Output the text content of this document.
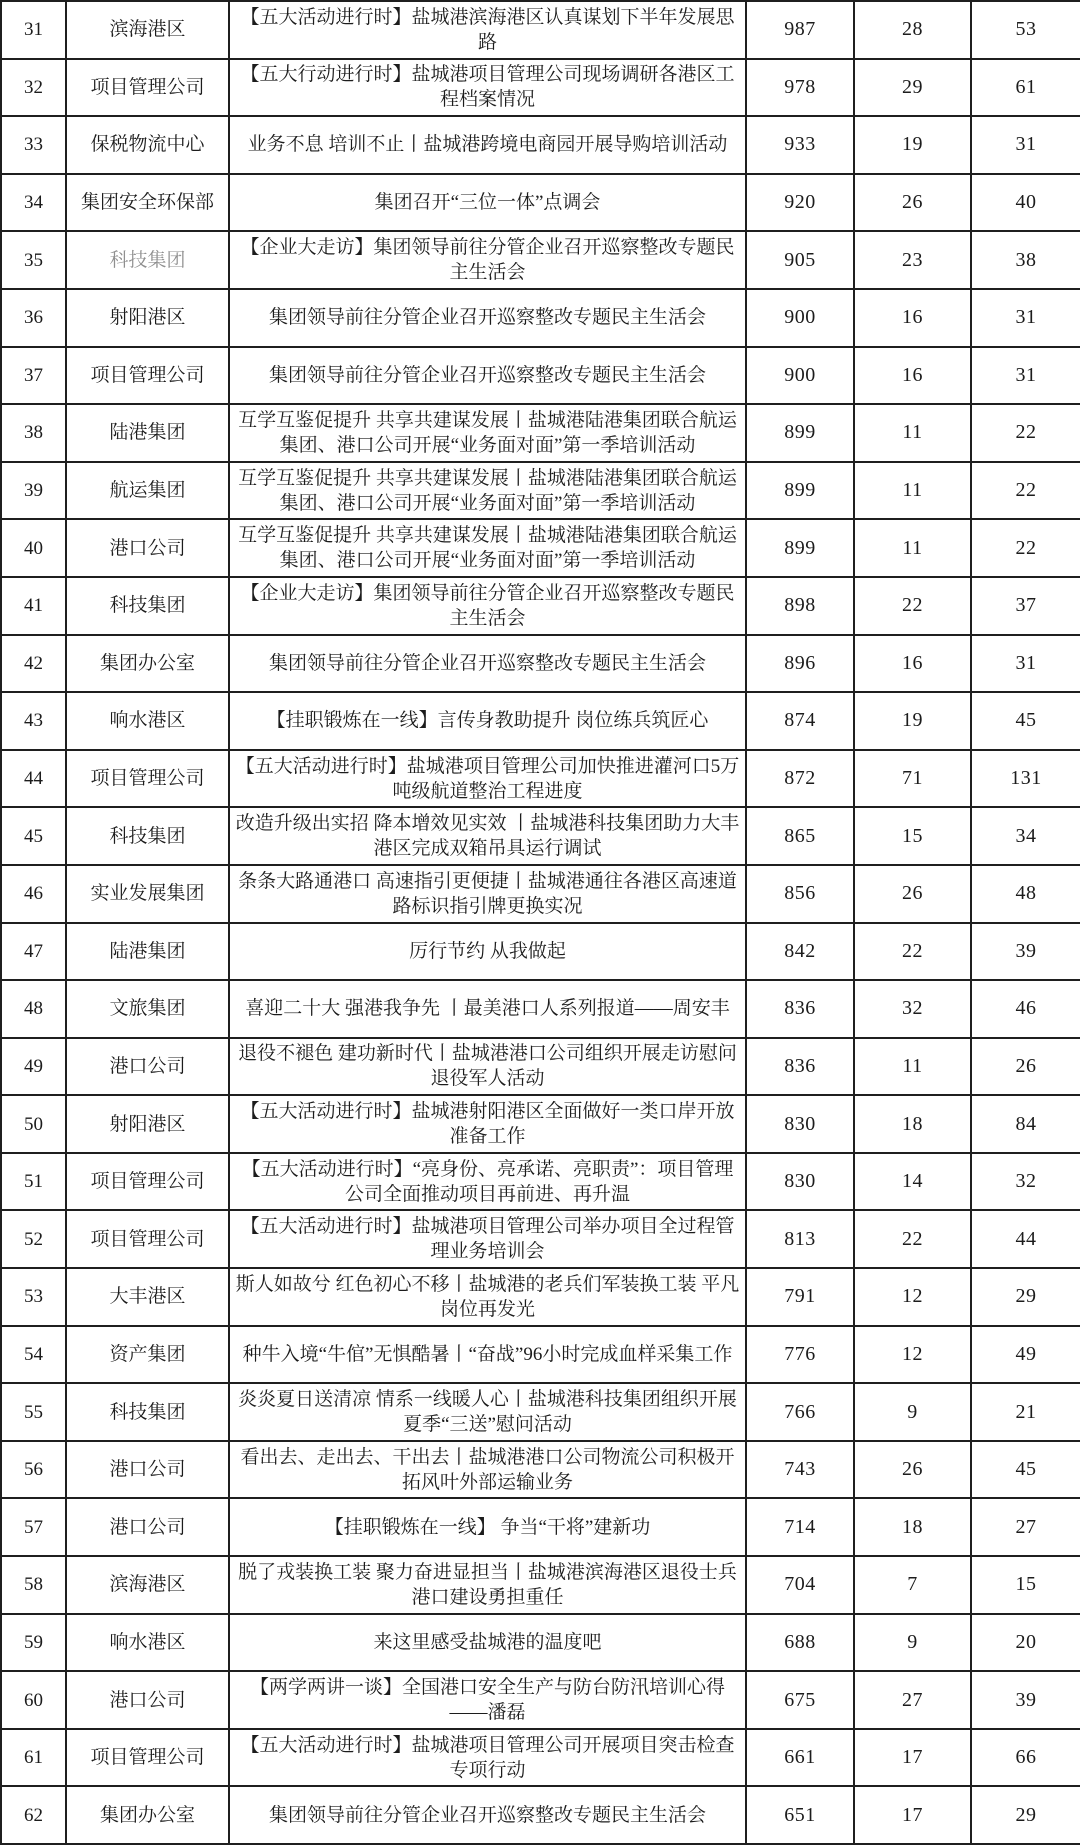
31	滨海港区	【五大活动进行时】盐城港滨海港区认真谋划下半年发展思路	987	28	53
32	项目管理公司	【五大行动进行时】盐城港项目管理公司现场调研各港区工程档案情况	978	29	61
33	保税物流中心	业务不息 培训不止丨盐城港跨境电商园开展导购培训活动	933	19	31
34	集团安全环保部	集团召开“三位一体”点调会	920	26	40
35	科技集团	【企业大走访】集团领导前往分管企业召开巡察整改专题民主生活会	905	23	38
36	射阳港区	集团领导前往分管企业召开巡察整改专题民主生活会	900	16	31
37	项目管理公司	集团领导前往分管企业召开巡察整改专题民主生活会	900	16	31
38	陆港集团	互学互鉴促提升 共享共建谋发展丨盐城港陆港集团联合航运集团、港口公司开展“业务面对面”第一季培训活动	899	11	22
39	航运集团	互学互鉴促提升 共享共建谋发展丨盐城港陆港集团联合航运集团、港口公司开展“业务面对面”第一季培训活动	899	11	22
40	港口公司	互学互鉴促提升 共享共建谋发展丨盐城港陆港集团联合航运集团、港口公司开展“业务面对面”第一季培训活动	899	11	22
41	科技集团	【企业大走访】集团领导前往分管企业召开巡察整改专题民主生活会	898	22	37
42	集团办公室	集团领导前往分管企业召开巡察整改专题民主生活会	896	16	31
43	响水港区	【挂职锻炼在一线】言传身教助提升 岗位练兵筑匠心	874	19	45
44	项目管理公司	【五大活动进行时】盐城港项目管理公司加快推进灌河口5万吨级航道整治工程进度	872	71	131
45	科技集团	改造升级出实招 降本增效见实效 丨盐城港科技集团助力大丰港区完成双箱吊具运行调试	865	15	34
46	实业发展集团	条条大路通港口 高速指引更便捷丨盐城港通往各港区高速道路标识指引牌更换实况	856	26	48
47	陆港集团	厉行节约 从我做起	842	22	39
48	文旅集团	喜迎二十大 强港我争先 丨最美港口人系列报道——周安丰	836	32	46
49	港口公司	退役不褪色 建功新时代丨盐城港港口公司组织开展走访慰问退役军人活动	836	11	26
50	射阳港区	【五大活动进行时】盐城港射阳港区全面做好一类口岸开放准备工作	830	18	84
51	项目管理公司	【五大活动进行时】“亮身份、亮承诺、亮职责”：项目管理公司全面推动项目再前进、再升温	830	14	32
52	项目管理公司	【五大活动进行时】盐城港项目管理公司举办项目全过程管理业务培训会	813	22	44
53	大丰港区	斯人如故兮 红色初心不移丨盐城港的老兵们军装换工装 平凡岗位再发光	791	12	29
54	资产集团	种牛入境“牛倌”无惧酷暑丨“奋战”96小时完成血样采集工作	776	12	49
55	科技集团	炎炎夏日送清凉 情系一线暖人心丨盐城港科技集团组织开展夏季“三送”慰问活动	766	9	21
56	港口公司	看出去、走出去、干出去丨盐城港港口公司物流公司积极开拓风叶外部运输业务	743	26	45
57	港口公司	【挂职锻炼在一线】 争当“干将”建新功	714	18	27
58	滨海港区	脱了戎装换工装 聚力奋进显担当丨盐城港滨海港区退役士兵港口建设勇担重任	704	7	15
59	响水港区	来这里感受盐城港的温度吧	688	9	20
60	港口公司	【两学两讲一谈】全国港口安全生产与防台防汛培训心得——潘磊	675	27	39
61	项目管理公司	【五大活动进行时】盐城港项目管理公司开展项目突击检查专项行动	661	17	66
62	集团办公室	集团领导前往分管企业召开巡察整改专题民主生活会	651	17	29
